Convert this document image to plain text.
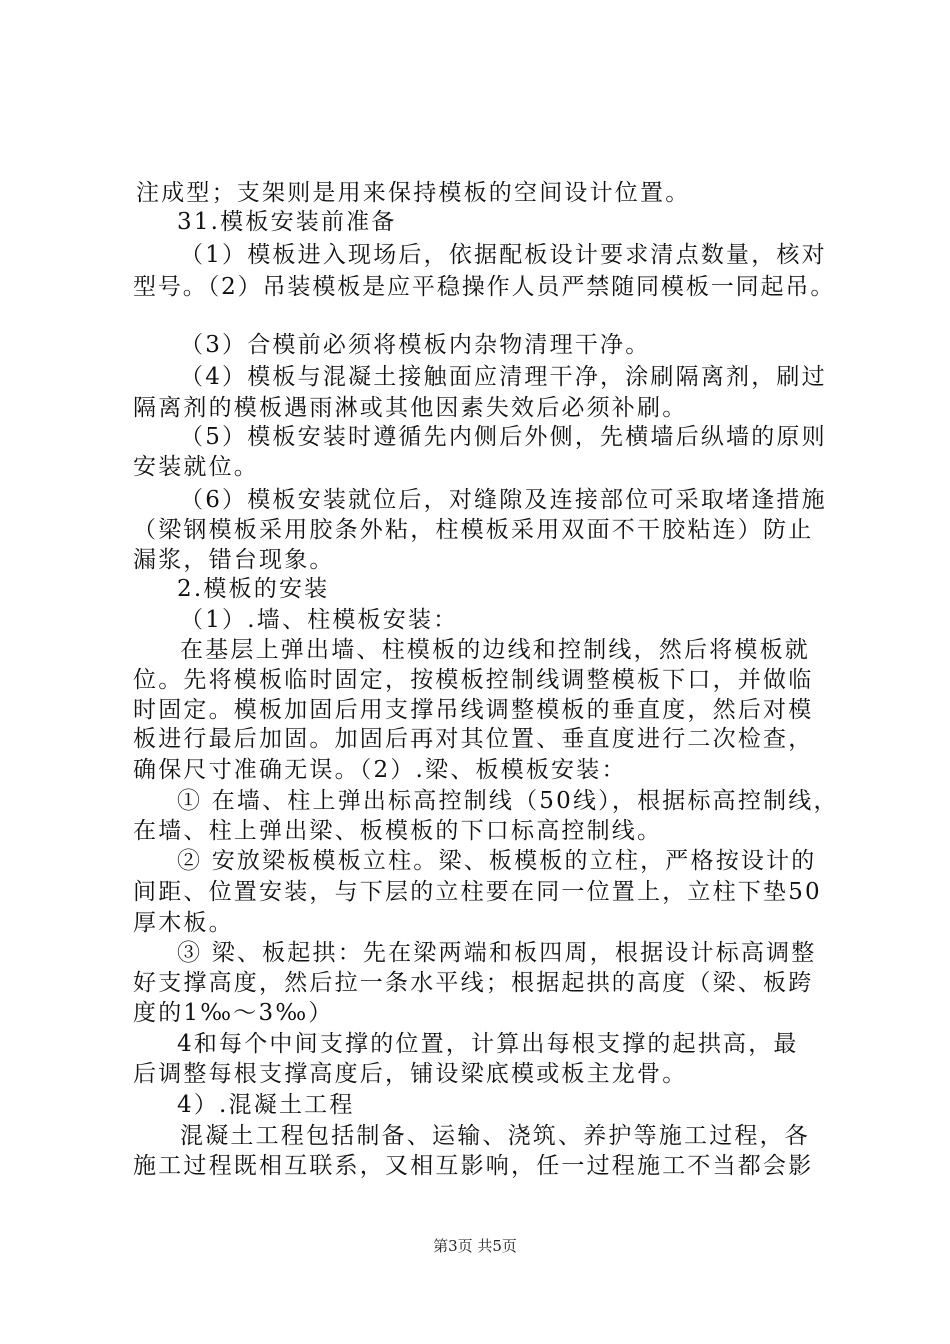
注成型；支架则是用来保持模板的空间设计位置。
31.模板安装前准备
（1）模板进入现场后，依据配板设计要求清点数量，核对
型号。（2）吊装模板是应平稳操作人员严禁随同模板一同起吊。
（3）合模前必须将模板内杂物清理干净。
（4）模板与混凝土接触面应清理干净，涂刷隔离剂，刷过
隔离剂的模板遇雨淋或其他因素失效后必须补刷。
（5）模板安装时遵循先内侧后外侧，先横墙后纵墙的原则
安装就位。
（6）模板安装就位后，对缝隙及连接部位可采取堵逢措施
（梁钢模板采用胶条外粘，柱模板采用双面不干胶粘连）防止
漏浆，错台现象。
2.模板的安装
（1）.墙、柱模板安装：
在基层上弹出墙、柱模板的边线和控制线，然后将模板就
位。先将模板临时固定，按模板控制线调整模板下口，并做临
时固定。模板加固后用支撑吊线调整模板的垂直度，然后对模
板进行最后加固。加固后再对其位置、垂直度进行二次检查，
确保尺寸准确无误。（2）.梁、板模板安装：
① 在墙、柱上弹出标高控制线（50线），根据标高控制线，
在墙、柱上弹出梁、板模板的下口标高控制线。
② 安放梁板模板立柱。梁、板模板的立柱，严格按设计的
间距、位置安装，与下层的立柱要在同一位置上，立柱下垫50
厚木板。
③ 梁、板起拱：先在梁两端和板四周，根据设计标高调整
好支撑高度，然后拉一条水平线；根据起拱的高度（梁、板跨
度的1‰～3‰）
4和每个中间支撑的位置，计算出每根支撑的起拱高，最
后调整每根支撑高度后，铺设梁底模或板主龙骨。
4）.混凝土工程
混凝土工程包括制备、运输、浇筑、养护等施工过程，各
施工过程既相互联系，又相互影响，任一过程施工不当都会影
第3页 共5页
